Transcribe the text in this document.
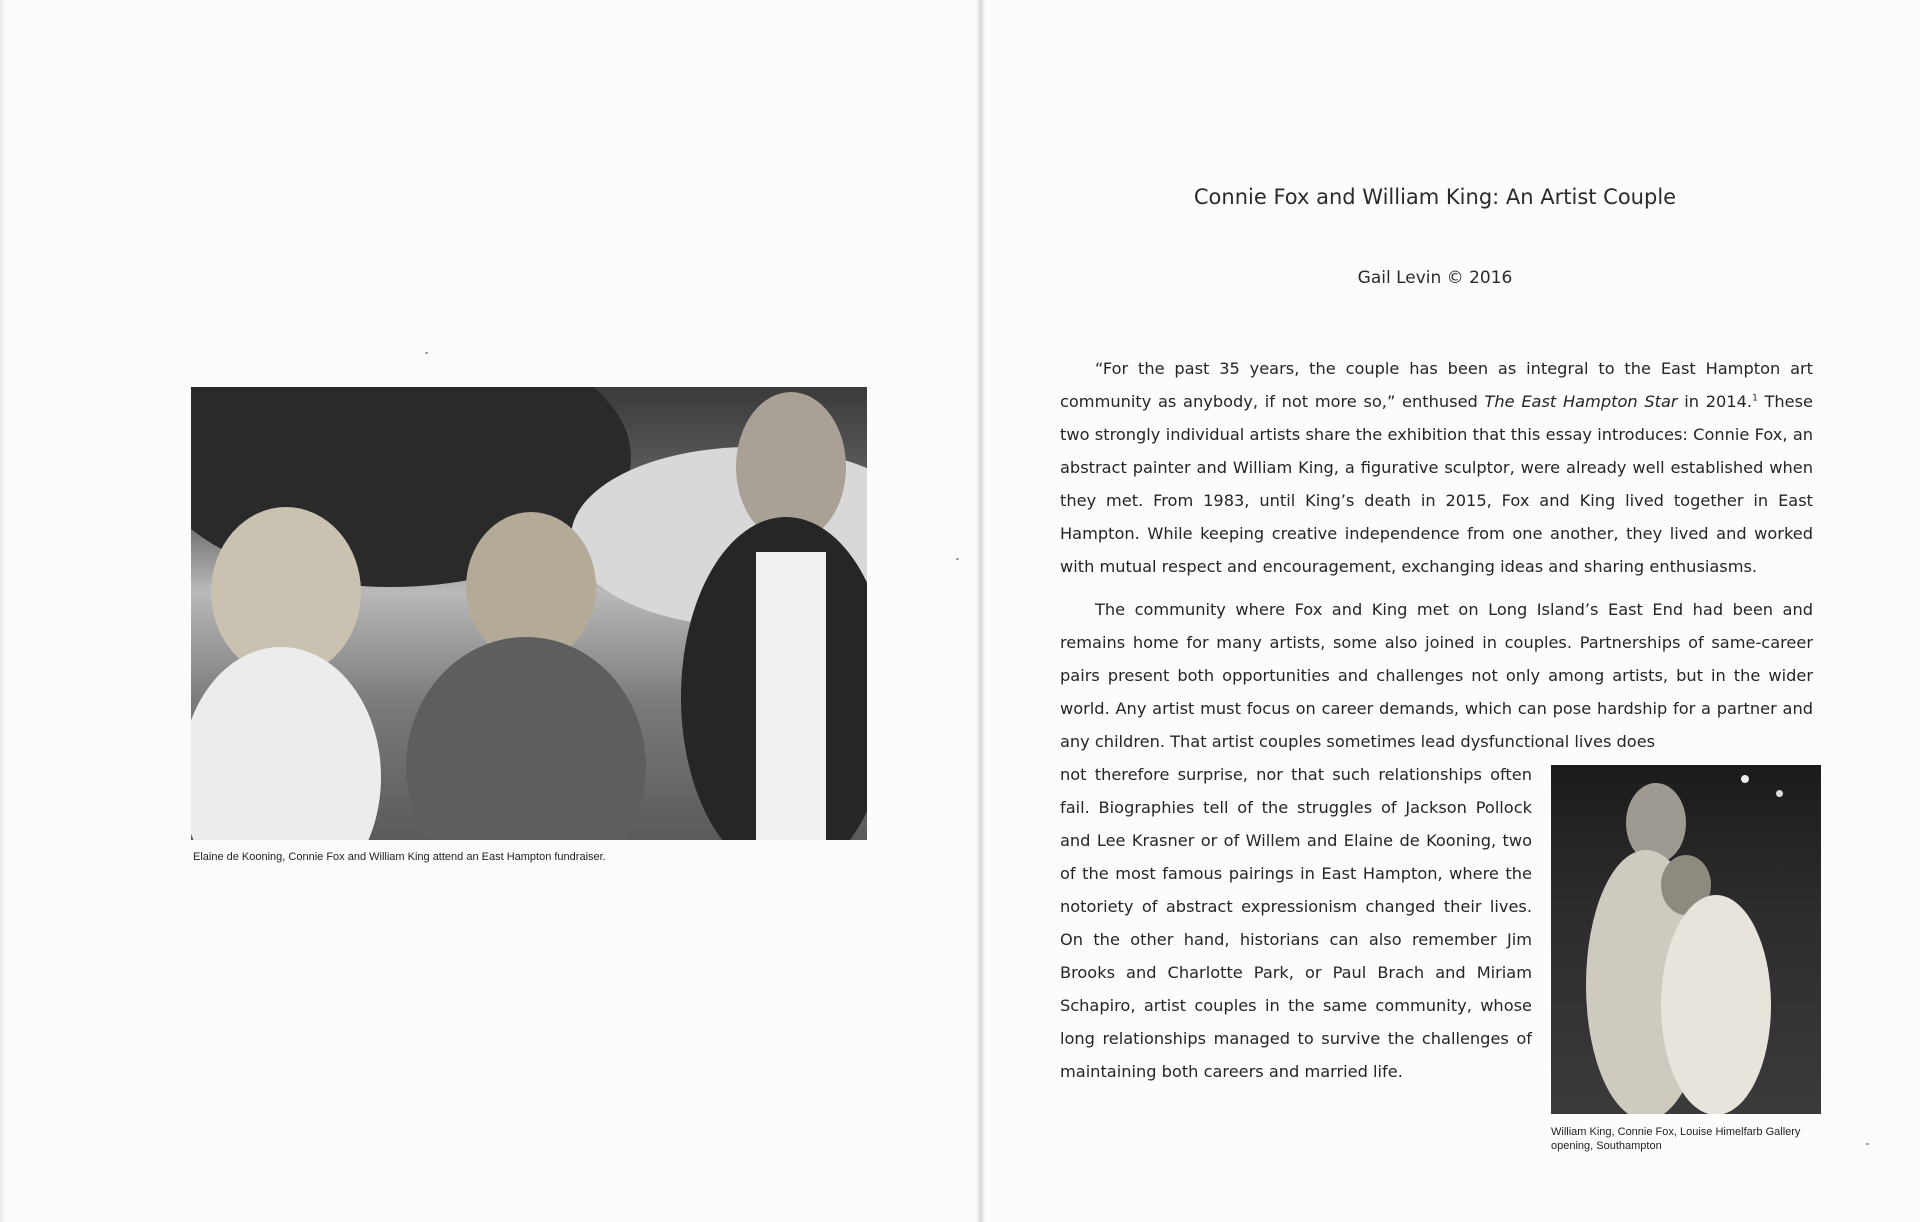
Elaine de Kooning, Connie Fox and William King attend an East Hampton fundraiser.
Connie Fox and William King: An Artist Couple
Gail Levin © 2016

“For the past 35 years, the couple has been as integral to the East Hampton art community as anybody, if not more so,” enthused The East Hampton Star in 2014.$^1$ These two strongly individual artists share the exhibition that this essay introduces: Connie Fox, an abstract painter and William King, a figurative sculptor, were already well established when they met. From 1983, until King’s death in 2015, Fox and King lived together in East Hampton. While keeping creative independence from one another, they lived and worked with mutual respect and encouragement, exchanging ideas and sharing enthusiasms.

The community where Fox and King met on Long Island’s East End had been and remains home for many artists, some also joined in couples. Partnerships of same-career pairs present both opportunities and challenges not only among artists, but in the wider world. Any artist must focus on career demands, which can pose hardship for a partner and any children. That artist couples sometimes lead dysfunctional lives does

not therefore surprise, nor that such relationships often fail. Biographies tell of the struggles of Jackson Pollock and Lee Krasner or of Willem and Elaine de Kooning, two of the most famous pairings in East Hampton, where the notoriety of abstract expressionism changed their lives. On the other hand, historians can also remember Jim Brooks and Charlotte Park, or Paul Brach and Miriam Schapiro, artist couples in the same community, whose long relationships managed to survive the challenges of maintaining both careers and married life.

William King, Connie Fox, Louise Himelfarb Gallery opening, Southampton
